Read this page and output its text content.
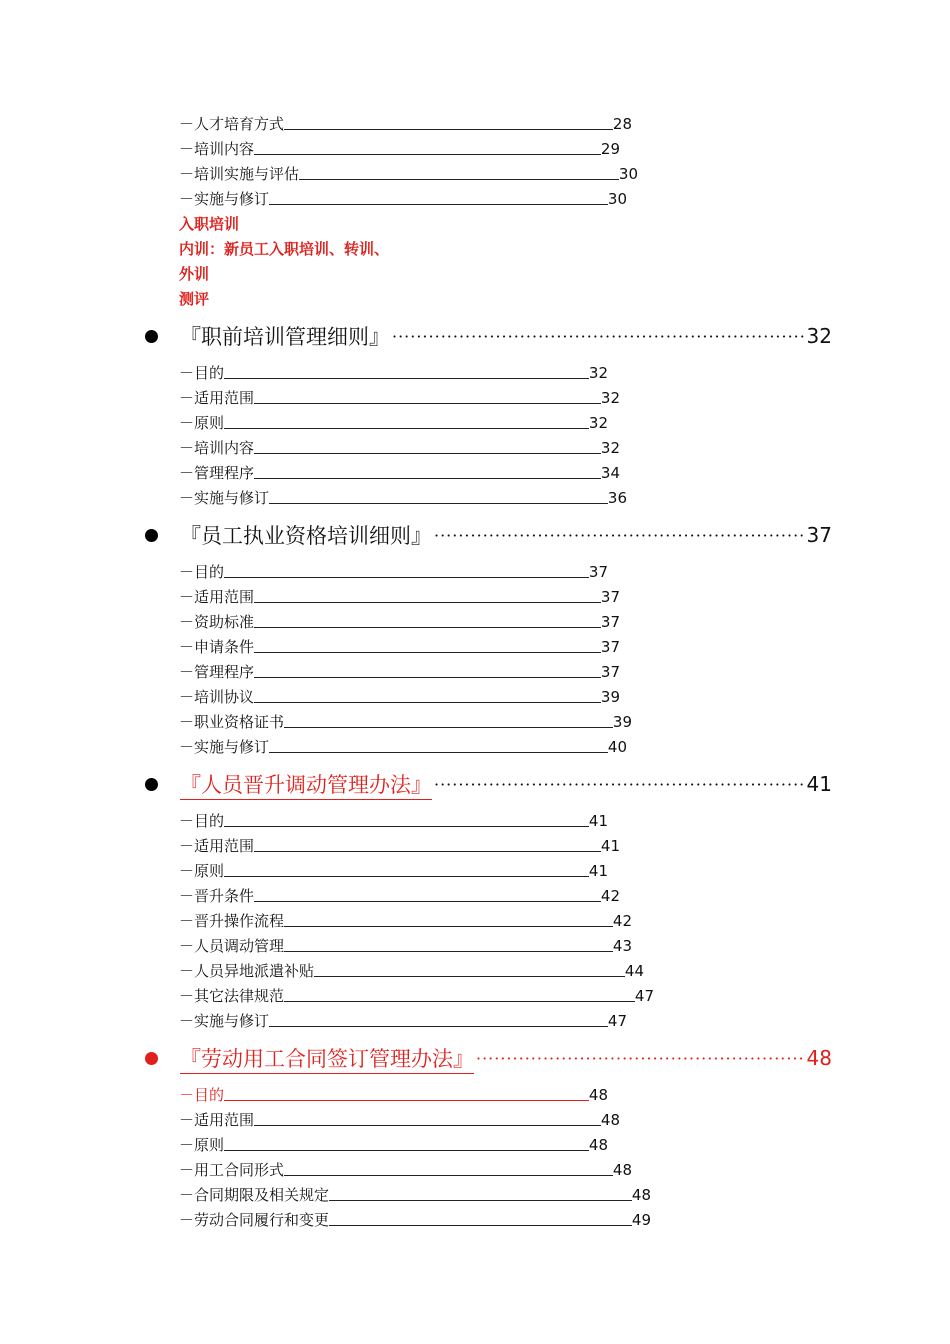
－人才培育方式	28
－培训内容	29
－培训实施与评估	30
－实施与修订	30
入职培训
内训：新员工入职培训、转训、
外训
测评
『职前培训管理细则』 ·····	32
－目的	32
－适用范围	32
－原则	32
－培训内容	32
－管理程序	34
－实施与修订	36
『员工执业资格培训细则』 ·····	37
－目的	37
－适用范围	37
－资助标准	37
－申请条件	37
－管理程序	37
－培训协议	39
－职业资格证书	39
－实施与修订	40
『人员晋升调动管理办法』 ·····	41
－目的	41
－适用范围	41
－原则	41
－晋升条件	42
－晋升操作流程	42
－人员调动管理	43
－人员异地派遣补贴	44
－其它法律规范	47
－实施与修订	47
『劳动用工合同签订管理办法』 ·····	48
－目的	48
－适用范围	48
－原则	48
－用工合同形式	48
－合同期限及相关规定	48
－劳动合同履行和变更	49
